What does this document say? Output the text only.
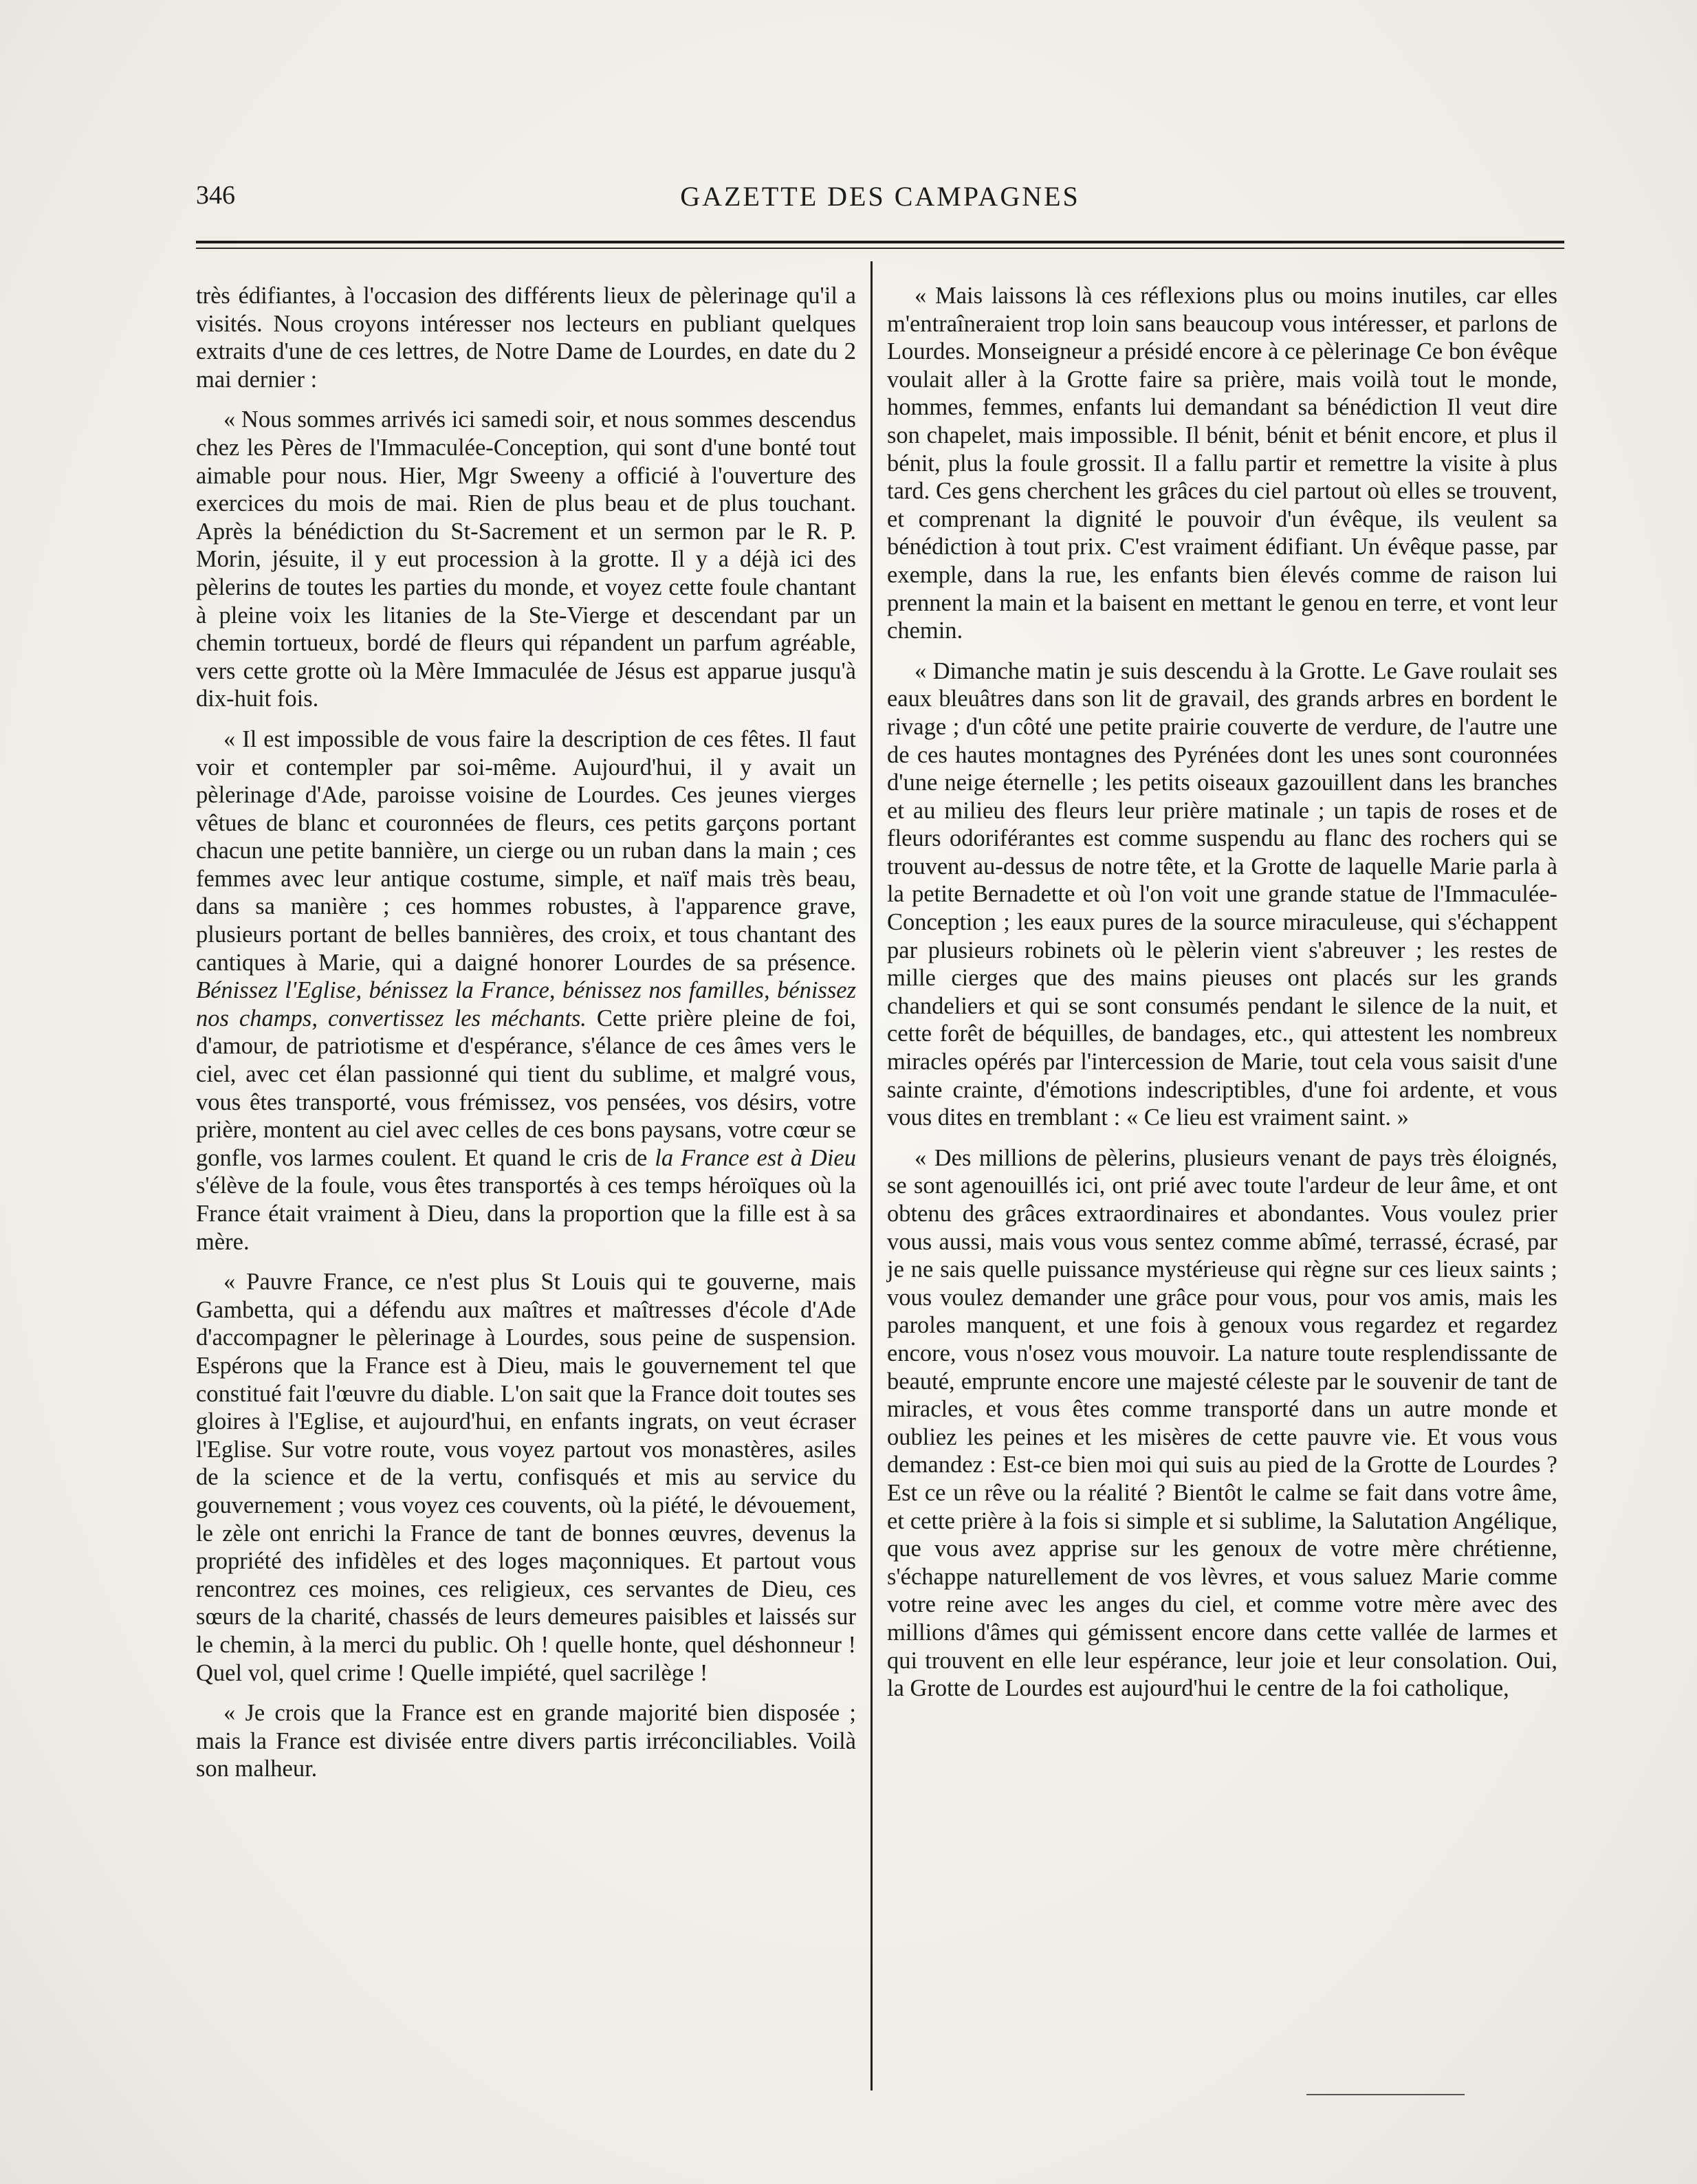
346	GAZETTE DES CAMPAGNES

très édifiantes, à l'occasion des différents lieux de pèlerinage qu'il a visités. Nous croyons intéresser nos lecteurs en publiant quelques extraits d'une de ces lettres, de Notre Dame de Lourdes, en date du 2 mai dernier :

« Nous sommes arrivés ici samedi soir, et nous sommes descendus chez les Pères de l'Immaculée-Conception, qui sont d'une bonté tout aimable pour nous. Hier, Mgr Sweeny a officié à l'ouverture des exercices du mois de mai. Rien de plus beau et de plus touchant. Après la bénédiction du St-Sacrement et un sermon par le R. P. Morin, jésuite, il y eut procession à la grotte. Il y a déjà ici des pèlerins de toutes les parties du monde, et voyez cette foule chantant à pleine voix les litanies de la Ste-Vierge et descendant par un chemin tortueux, bordé de fleurs qui répandent un parfum agréable, vers cette grotte où la Mère Immaculée de Jésus est apparue jusqu'à dix-huit fois.

« Il est impossible de vous faire la description de ces fêtes. Il faut voir et contempler par soi-même. Aujourd'hui, il y avait un pèlerinage d'Ade, paroisse voisine de Lourdes. Ces jeunes vierges vêtues de blanc et couronnées de fleurs, ces petits garçons portant chacun une petite bannière, un cierge ou un ruban dans la main ; ces femmes avec leur antique costume, simple, et naïf mais très beau, dans sa manière ; ces hommes robustes, à l'apparence grave, plusieurs portant de belles bannières, des croix, et tous chantant des cantiques à Marie, qui a daigné honorer Lourdes de sa présence. Bénissez l'Eglise, bénissez la France, bénissez nos familles, bénissez nos champs, convertissez les méchants. Cette prière pleine de foi, d'amour, de patriotisme et d'espérance, s'élance de ces âmes vers le ciel, avec cet élan passionné qui tient du sublime, et malgré vous, vous êtes transporté, vous frémissez, vos pensées, vos désirs, votre prière, montent au ciel avec celles de ces bons paysans, votre cœur se gonfle, vos larmes coulent. Et quand le cris de la France est à Dieu s'élève de la foule, vous êtes transportés à ces temps héroïques où la France était vraiment à Dieu, dans la proportion que la fille est à sa mère.

« Pauvre France, ce n'est plus St Louis qui te gouverne, mais Gambetta, qui a défendu aux maîtres et maîtresses d'école d'Ade d'accompagner le pèlerinage à Lourdes, sous peine de suspension. Espérons que la France est à Dieu, mais le gouvernement tel que constitué fait l'œuvre du diable. L'on sait que la France doit toutes ses gloires à l'Eglise, et aujourd'hui, en enfants ingrats, on veut écraser l'Eglise. Sur votre route, vous voyez partout vos monastères, asiles de la science et de la vertu, confisqués et mis au service du gouvernement ; vous voyez ces couvents, où la piété, le dévouement, le zèle ont enrichi la France de tant de bonnes œuvres, devenus la propriété des infidèles et des loges maçonniques. Et partout vous rencontrez ces moines, ces religieux, ces servantes de Dieu, ces sœurs de la charité, chassés de leurs demeures paisibles et laissés sur le chemin, à la merci du public. Oh ! quelle honte, quel déshonneur ! Quel vol, quel crime ! Quelle impiété, quel sacrilège !

« Je crois que la France est en grande majorité bien disposée ; mais la France est divisée entre divers partis irréconciliables. Voilà son malheur.

« Mais laissons là ces réflexions plus ou moins inutiles, car elles m'entraîneraient trop loin sans beaucoup vous intéresser, et parlons de Lourdes. Monseigneur a présidé encore à ce pèlerinage Ce bon évêque voulait aller à la Grotte faire sa prière, mais voilà tout le monde, hommes, femmes, enfants lui demandant sa bénédiction Il veut dire son chapelet, mais impossible. Il bénit, bénit et bénit encore, et plus il bénit, plus la foule grossit. Il a fallu partir et remettre la visite à plus tard. Ces gens cherchent les grâces du ciel partout où elles se trouvent, et comprenant la dignité le pouvoir d'un évêque, ils veulent sa bénédiction à tout prix. C'est vraiment édifiant. Un évêque passe, par exemple, dans la rue, les enfants bien élevés comme de raison lui prennent la main et la baisent en mettant le genou en terre, et vont leur chemin.

« Dimanche matin je suis descendu à la Grotte. Le Gave roulait ses eaux bleuâtres dans son lit de gravail, des grands arbres en bordent le rivage ; d'un côté une petite prairie couverte de verdure, de l'autre une de ces hautes montagnes des Pyrénées dont les unes sont couronnées d'une neige éternelle ; les petits oiseaux gazouillent dans les branches et au milieu des fleurs leur prière matinale ; un tapis de roses et de fleurs odoriférantes est comme suspendu au flanc des rochers qui se trouvent au-dessus de notre tête, et la Grotte de laquelle Marie parla à la petite Bernadette et où l'on voit une grande statue de l'Immaculée-Conception ; les eaux pures de la source miraculeuse, qui s'échappent par plusieurs robinets où le pèlerin vient s'abreuver ; les restes de mille cierges que des mains pieuses ont placés sur les grands chandeliers et qui se sont consumés pendant le silence de la nuit, et cette forêt de béquilles, de bandages, etc., qui attestent les nombreux miracles opérés par l'intercession de Marie, tout cela vous saisit d'une sainte crainte, d'émotions indescriptibles, d'une foi ardente, et vous vous dites en tremblant : « Ce lieu est vraiment saint. »

« Des millions de pèlerins, plusieurs venant de pays très éloignés, se sont agenouillés ici, ont prié avec toute l'ardeur de leur âme, et ont obtenu des grâces extraordinaires et abondantes. Vous voulez prier vous aussi, mais vous vous sentez comme abîmé, terrassé, écrasé, par je ne sais quelle puissance mystérieuse qui règne sur ces lieux saints ; vous voulez demander une grâce pour vous, pour vos amis, mais les paroles manquent, et une fois à genoux vous regardez et regardez encore, vous n'osez vous mouvoir. La nature toute resplendissante de beauté, emprunte encore une majesté céleste par le souvenir de tant de miracles, et vous êtes comme transporté dans un autre monde et oubliez les peines et les misères de cette pauvre vie. Et vous vous demandez : Est-ce bien moi qui suis au pied de la Grotte de Lourdes ? Est ce un rêve ou la réalité ? Bientôt le calme se fait dans votre âme, et cette prière à la fois si simple et si sublime, la Salutation Angélique, que vous avez apprise sur les genoux de votre mère chrétienne, s'échappe naturellement de vos lèvres, et vous saluez Marie comme votre reine avec les anges du ciel, et comme votre mère avec des millions d'âmes qui gémissent encore dans cette vallée de larmes et qui trouvent en elle leur espérance, leur joie et leur consolation. Oui, la Grotte de Lourdes est aujourd'hui le centre de la foi catholique,
